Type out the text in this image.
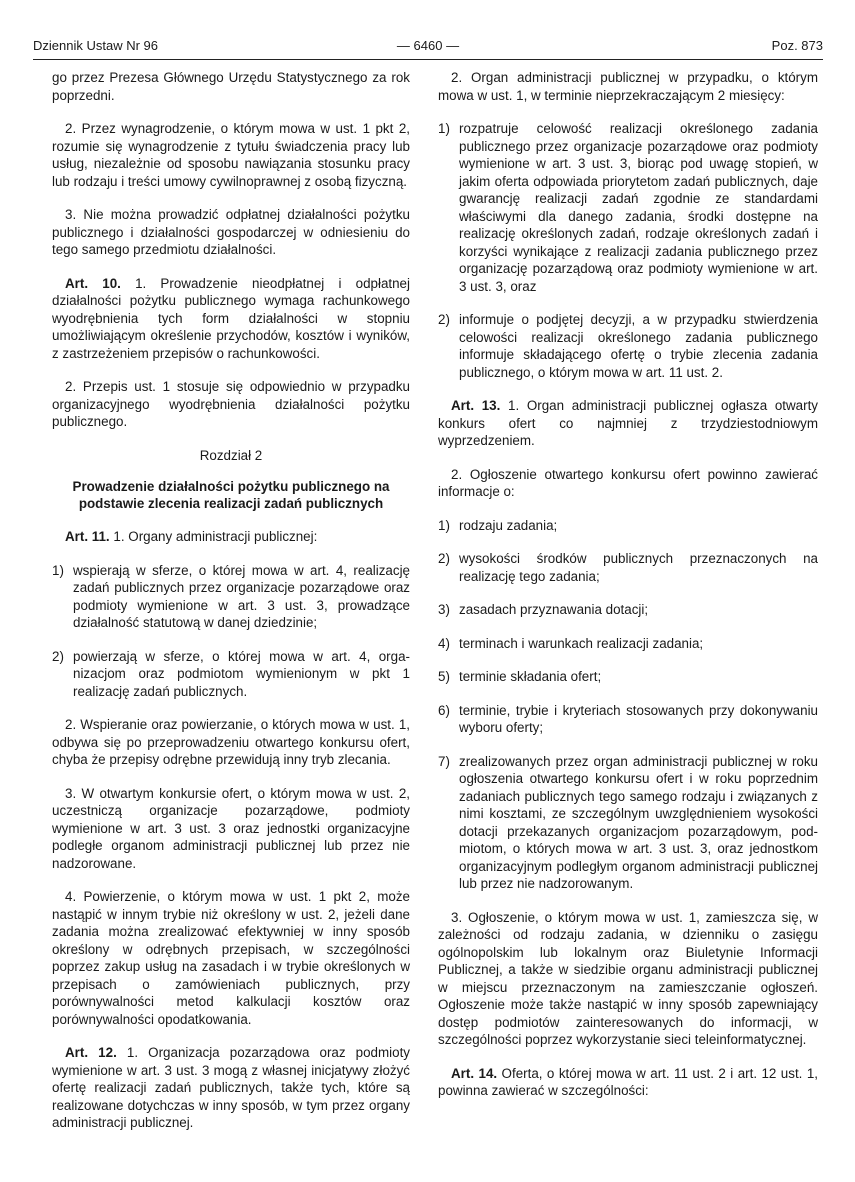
Dziennik Ustaw Nr 96	— 6460 —	Poz. 873

go przez Prezesa Głównego Urzędu Statystycznego za rok poprzedni.

2. Przez wynagrodzenie, o którym mowa w ust. 1 pkt 2, rozumie się wynagrodzenie z tytułu świadczenia pracy lub usług, niezależnie od sposobu nawiązania stosunku pracy lub rodzaju i treści umowy cywilnoprawnej z osobą fizyczną.

3. Nie można prowadzić odpłatnej działalności pożytku publicznego i działalności gospodarczej w odniesieniu do tego samego przedmiotu działalności.

Art. 10. 1. Prowadzenie nieodpłatnej i odpłatnej działalności pożytku publicznego wymaga rachunkowego wyodrębnienia tych form działalności w stopniu umożliwiającym określenie przychodów, kosztów i wyników, z zastrzeżeniem przepisów o rachunkowości.

2. Przepis ust. 1 stosuje się odpowiednio w przypadku organizacyjnego wyodrębnienia działalności pożytku publicznego.

Rozdział 2
Prowadzenie działalności pożytku publicznego na podstawie zlecenia realizacji zadań publicznych

Art. 11. 1. Organy administracji publicznej:

1) wspierają w sferze, o której mowa w art. 4, realizację zadań publicznych przez organizacje pozarządowe oraz podmioty wymienione w art. 3 ust. 3, prowadzące działalność statutową w danej dziedzinie;
2) powierzają w sferze, o której mowa w art. 4, organizacjom oraz podmiotom wymienionym w pkt 1 realizację zadań publicznych.

2. Wspieranie oraz powierzanie, o których mowa w ust. 1, odbywa się po przeprowadzeniu otwartego konkursu ofert, chyba że przepisy odrębne przewidują inny tryb zlecania.

3. W otwartym konkursie ofert, o którym mowa w ust. 2, uczestniczą organizacje pozarządowe, podmioty wymienione w art. 3 ust. 3 oraz jednostki organizacyjne podległe organom administracji publicznej lub przez nie nadzorowane.

4. Powierzenie, o którym mowa w ust. 1 pkt 2, może nastąpić w innym trybie niż określony w ust. 2, jeżeli dane zadania można zrealizować efektywniej w inny sposób określony w odrębnych przepisach, w szczególności poprzez zakup usług na zasadach i w trybie określonych w przepisach o zamówieniach publicznych, przy porównywalności metod kalkulacji kosztów oraz porównywalności opodatkowania.

Art. 12. 1. Organizacja pozarządowa oraz podmioty wymienione w art. 3 ust. 3 mogą z własnej inicjatywy złożyć ofertę realizacji zadań publicznych, także tych, które są realizowane dotychczas w inny sposób, w tym przez organy administracji publicznej.

2. Organ administracji publicznej w przypadku, o którym mowa w ust. 1, w terminie nieprzekraczającym 2 miesięcy:

1) rozpatruje celowość realizacji określonego zadania publicznego przez organizacje pozarządowe oraz podmioty wymienione w art. 3 ust. 3, biorąc pod uwagę stopień, w jakim oferta odpowiada priorytetom zadań publicznych, daje gwarancję realizacji zadań zgodnie ze standardami właściwymi dla danego zadania, środki dostępne na realizację określonych zadań, rodzaje określonych zadań i korzyści wynikające z realizacji zadania publicznego przez organizację pozarządową oraz podmioty wymienione w art. 3 ust. 3, oraz
2) informuje o podjętej decyzji, a w przypadku stwierdzenia celowości realizacji określonego zadania publicznego informuje składającego ofertę o trybie zlecenia zadania publicznego, o którym mowa w art. 11 ust. 2.

Art. 13. 1. Organ administracji publicznej ogłasza otwarty konkurs ofert co najmniej z trzydziestodniowym wyprzedzeniem.

2. Ogłoszenie otwartego konkursu ofert powinno zawierać informacje o:

1) rodzaju zadania;
2) wysokości środków publicznych przeznaczonych na realizację tego zadania;
3) zasadach przyznawania dotacji;
4) terminach i warunkach realizacji zadania;
5) terminie składania ofert;
6) terminie, trybie i kryteriach stosowanych przy dokonywaniu wyboru oferty;
7) zrealizowanych przez organ administracji publicznej w roku ogłoszenia otwartego konkursu ofert i w roku poprzednim zadaniach publicznych tego samego rodzaju i związanych z nimi kosztami, ze szczególnym uwzględnieniem wysokości dotacji przekazanych organizacjom pozarządowym, podmiotom, o których mowa w art. 3 ust. 3, oraz jednostkom organizacyjnym podległym organom administracji publicznej lub przez nie nadzorowanym.

3. Ogłoszenie, o którym mowa w ust. 1, zamieszcza się, w zależności od rodzaju zadania, w dzienniku o zasięgu ogólnopolskim lub lokalnym oraz Biuletynie Informacji Publicznej, a także w siedzibie organu administracji publicznej w miejscu przeznaczonym na zamieszczanie ogłoszeń. Ogłoszenie może także nastąpić w inny sposób zapewniający dostęp podmiotów zainteresowanych do informacji, w szczególności poprzez wykorzystanie sieci teleinformatycznej.

Art. 14. Oferta, o której mowa w art. 11 ust. 2 i art. 12 ust. 1, powinna zawierać w szczególności:
